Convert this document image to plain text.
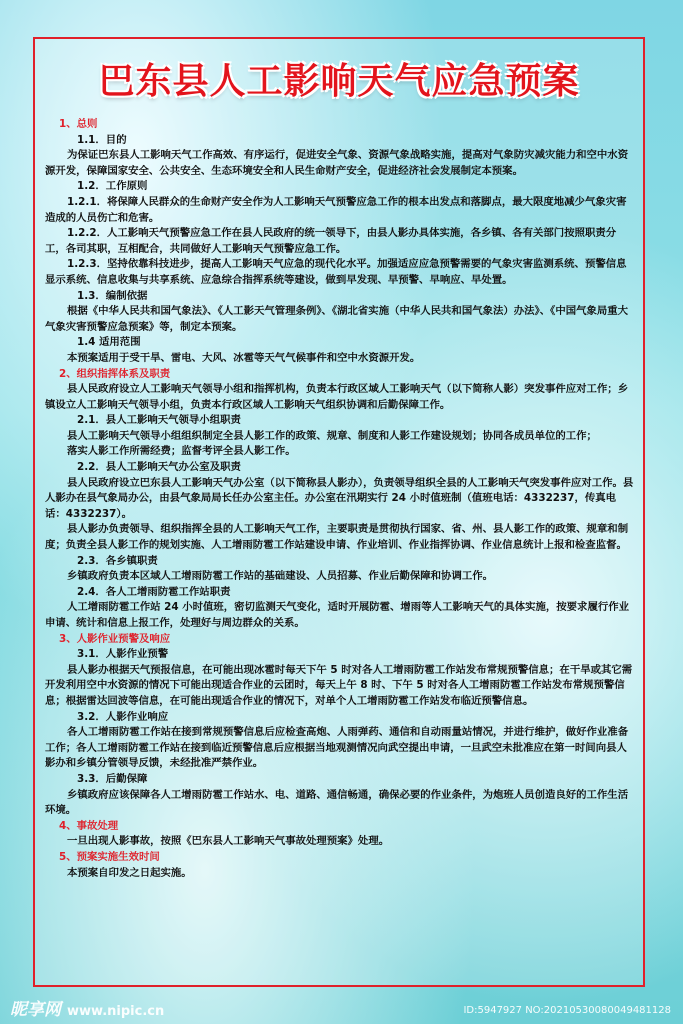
巴东县人工影响天气应急预案

1、总则

1.1．目的

为保证巴东县人工影响天气工作高效、有序运行，促进安全气象、资源气象战略实施，提高对气象防灾减灾能力和空中水资源开发，保障国家安全、公共安全、生态环境安全和人民生命财产安全，促进经济社会发展制定本预案。

1.2．工作原则

1.2.1．将保障人民群众的生命财产安全作为人工影响天气预警应急工作的根本出发点和落脚点，最大限度地减少气象灾害造成的人员伤亡和危害。

1.2.2．人工影响天气预警应急工作在县人民政府的统一领导下，由县人影办具体实施，各乡镇、各有关部门按照职责分工，各司其职，互相配合，共同做好人工影响天气预警应急工作。

1.2.3．坚持依靠科技进步，提高人工影响天气应急的现代化水平。加强适应应急预警需要的气象灾害监测系统、预警信息显示系统、信息收集与共享系统、应急综合指挥系统等建设，做到早发现、早预警、早响应、早处置。

1.3．编制依据

根据《中华人民共和国气象法》、《人工影天气管理条例》、《湖北省实施（中华人民共和国气象法）办法》、《中国气象局重大气象灾害预警应急预案》等，制定本预案。

1.4 适用范围

本预案适用于受干旱、雷电、大风、冰雹等天气气候事件和空中水资源开发。

2、组织指挥体系及职责

县人民政府设立人工影响天气领导小组和指挥机构，负责本行政区域人工影响天气（以下简称人影）突发事件应对工作；乡镇设立人工影响天气领导小组，负责本行政区域人工影响天气组织协调和后勤保障工作。

2.1．县人工影响天气领导小组职责

县人工影响天气领导小组组织制定全县人影工作的政策、规章、制度和人影工作建设规划；协同各成员单位的工作；

落实人影工作所需经费；监督考评全县人影工作。

2.2．县人工影响天气办公室及职责

县人民政府设立巴东县人工影响天气办公室（以下简称县人影办），负责领导组织全县的人工影响天气突发事件应对工作。县人影办在县气象局办公，由县气象局局长任办公室主任。办公室在汛期实行 24 小时值班制（值班电话：4332237，传真电话：4332237）。

县人影办负责领导、组织指挥全县的人工影响天气工作，主要职责是贯彻执行国家、省、州、县人影工作的政策、规章和制度；负责全县人影工作的规划实施、人工增雨防雹工作站建设申请、作业培训、作业指挥协调、作业信息统计上报和检查监督。

2.3．各乡镇职责

乡镇政府负责本区域人工增雨防雹工作站的基础建设、人员招募、作业后勤保障和协调工作。

2.4．各人工增雨防雹工作站职责

人工增雨防雹工作站 24 小时值班，密切监测天气变化，适时开展防雹、增雨等人工影响天气的具体实施，按要求履行作业申请、统计和信息上报工作，处理好与周边群众的关系。

3、人影作业预警及响应

3.1．人影作业预警

县人影办根据天气预报信息，在可能出现冰雹时每天下午 5 时对各人工增雨防雹工作站发布常规预警信息；在干旱或其它需开发利用空中水资源的情况下可能出现适合作业的云团时，每天上午 8 时、下午 5 时对各人工增雨防雹工作站发布常规预警信息；根据雷达回波等信息，在可能出现适合作业的情况下，对单个人工增雨防雹工作站发布临近预警信息。

3.2．人影作业响应

各人工增雨防雹工作站在接到常规预警信息后应检查高炮、人雨弹药、通信和自动雨量站情况，并进行维护，做好作业准备工作；各人工增雨防雹工作站在接到临近预警信息后应根据当地观测情况向武空提出申请，一旦武空未批准应在第一时间向县人影办和乡镇分管领导反馈，未经批准严禁作业。

3.3．后勤保障

乡镇政府应该保障各人工增雨防雹工作站水、电、道路、通信畅通，确保必要的作业条件，为炮班人员创造良好的工作生活环境。

4、事故处理

一旦出现人影事故，按照《巴东县人工影响天气事故处理预案》处理。

5、预案实施生效时间

本预案自印发之日起实施。

昵享网 www.nipic.cn	ID:5947927 NO:20210530080049481128
